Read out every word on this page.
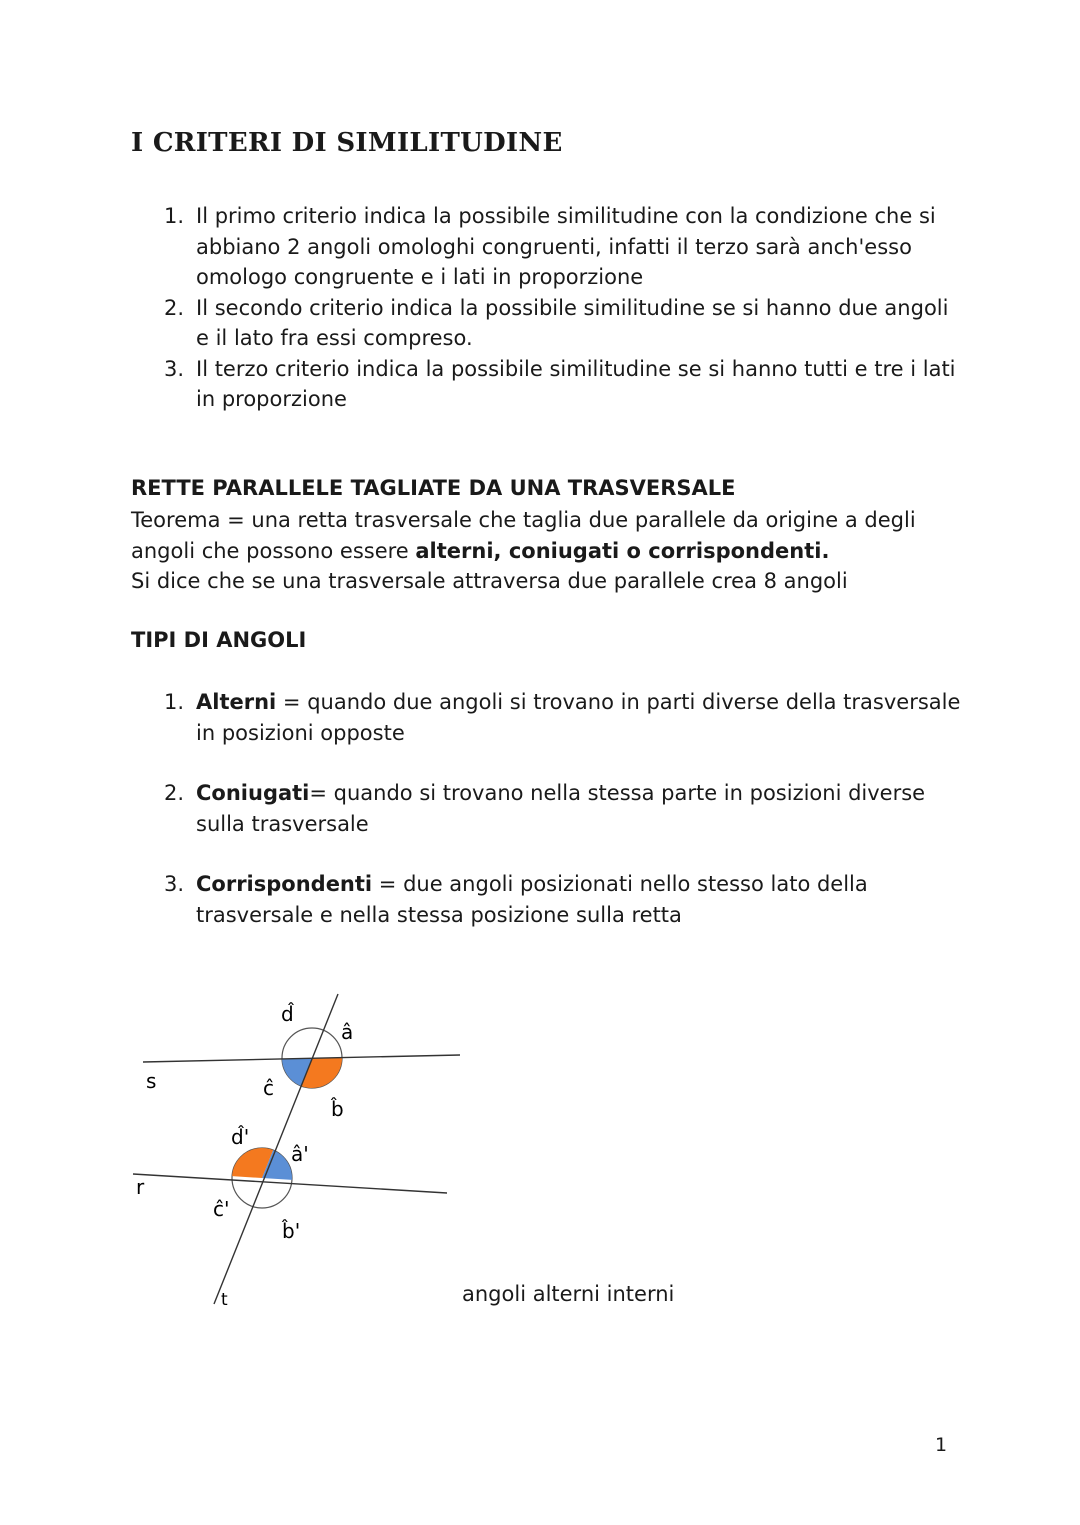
I CRITERI DI SIMILITUDINE
1. Il primo criterio indica la possibile similitudine con la condizione che si abbiano 2 angoli omologhi congruenti, infatti il terzo sarà anch'esso omologo congruente e i lati in proporzione
2. Il secondo criterio indica la possibile similitudine se si hanno due angoli e il lato fra essi compreso.
3. Il terzo criterio indica la possibile similitudine se si hanno tutti e tre i lati in proporzione
RETTE PARALLELE TAGLIATE DA UNA TRASVERSALE

Teorema = una retta trasversale che taglia due parallele da origine a degli angoli che possono essere alterni, coniugati o corrispondenti.

Si dice che se una trasversale attraversa due parallele crea 8 angoli

TIPI DI ANGOLI
1. Alterni = quando due angoli si trovano in parti diverse della trasversale in posizioni opposte
2. Coniugati= quando si trovano nella stessa parte in posizioni diverse sulla trasversale
3. Corrispondenti = due angoli posizionati nello stesso lato della trasversale e nella stessa posizione sulla retta
s
r
t
â
b̂
ĉ
d̂
â'
b̂'
ĉ'
d̂'
angoli alterni interni
1
